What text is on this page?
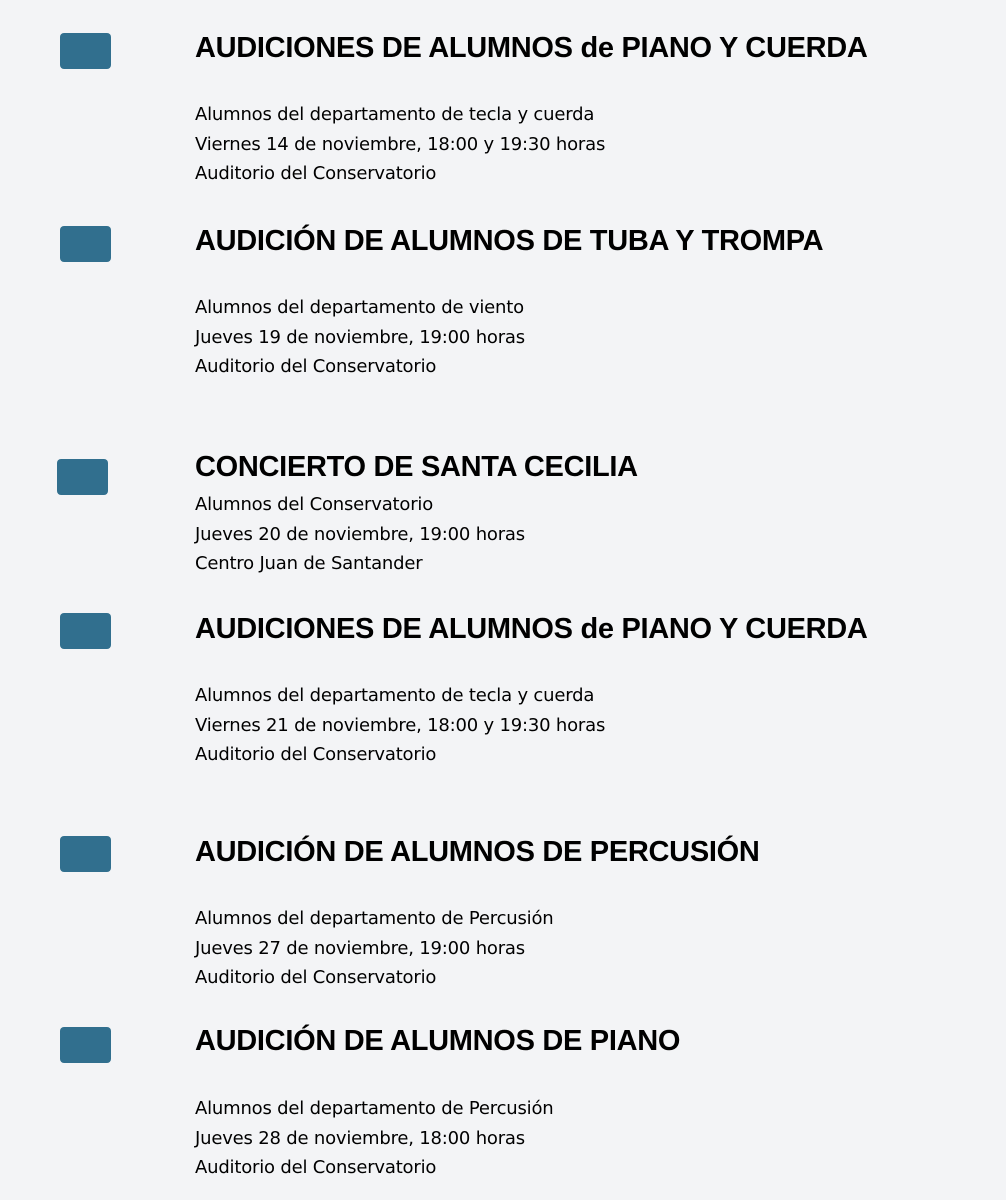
AUDICIONES DE ALUMNOS de PIANO Y CUERDA
Alumnos del departamento de tecla y cuerda
Viernes 14 de noviembre, 18:00 y 19:30 horas
Auditorio del Conservatorio
AUDICIÓN DE ALUMNOS DE TUBA Y TROMPA
Alumnos del departamento de viento
Jueves 19 de noviembre, 19:00 horas
Auditorio del Conservatorio
CONCIERTO DE SANTA CECILIA
Alumnos del Conservatorio
Jueves 20 de noviembre, 19:00 horas
Centro Juan de Santander
AUDICIONES DE ALUMNOS de PIANO Y CUERDA
Alumnos del departamento de tecla y cuerda
Viernes 21 de noviembre, 18:00 y 19:30 horas
Auditorio del Conservatorio
AUDICIÓN DE ALUMNOS DE PERCUSIÓN
Alumnos del departamento de Percusión
Jueves 27 de noviembre, 19:00 horas
Auditorio del Conservatorio
AUDICIÓN DE ALUMNOS DE PIANO
Alumnos del departamento de Percusión
Jueves 28 de noviembre, 18:00 horas
Auditorio del Conservatorio
